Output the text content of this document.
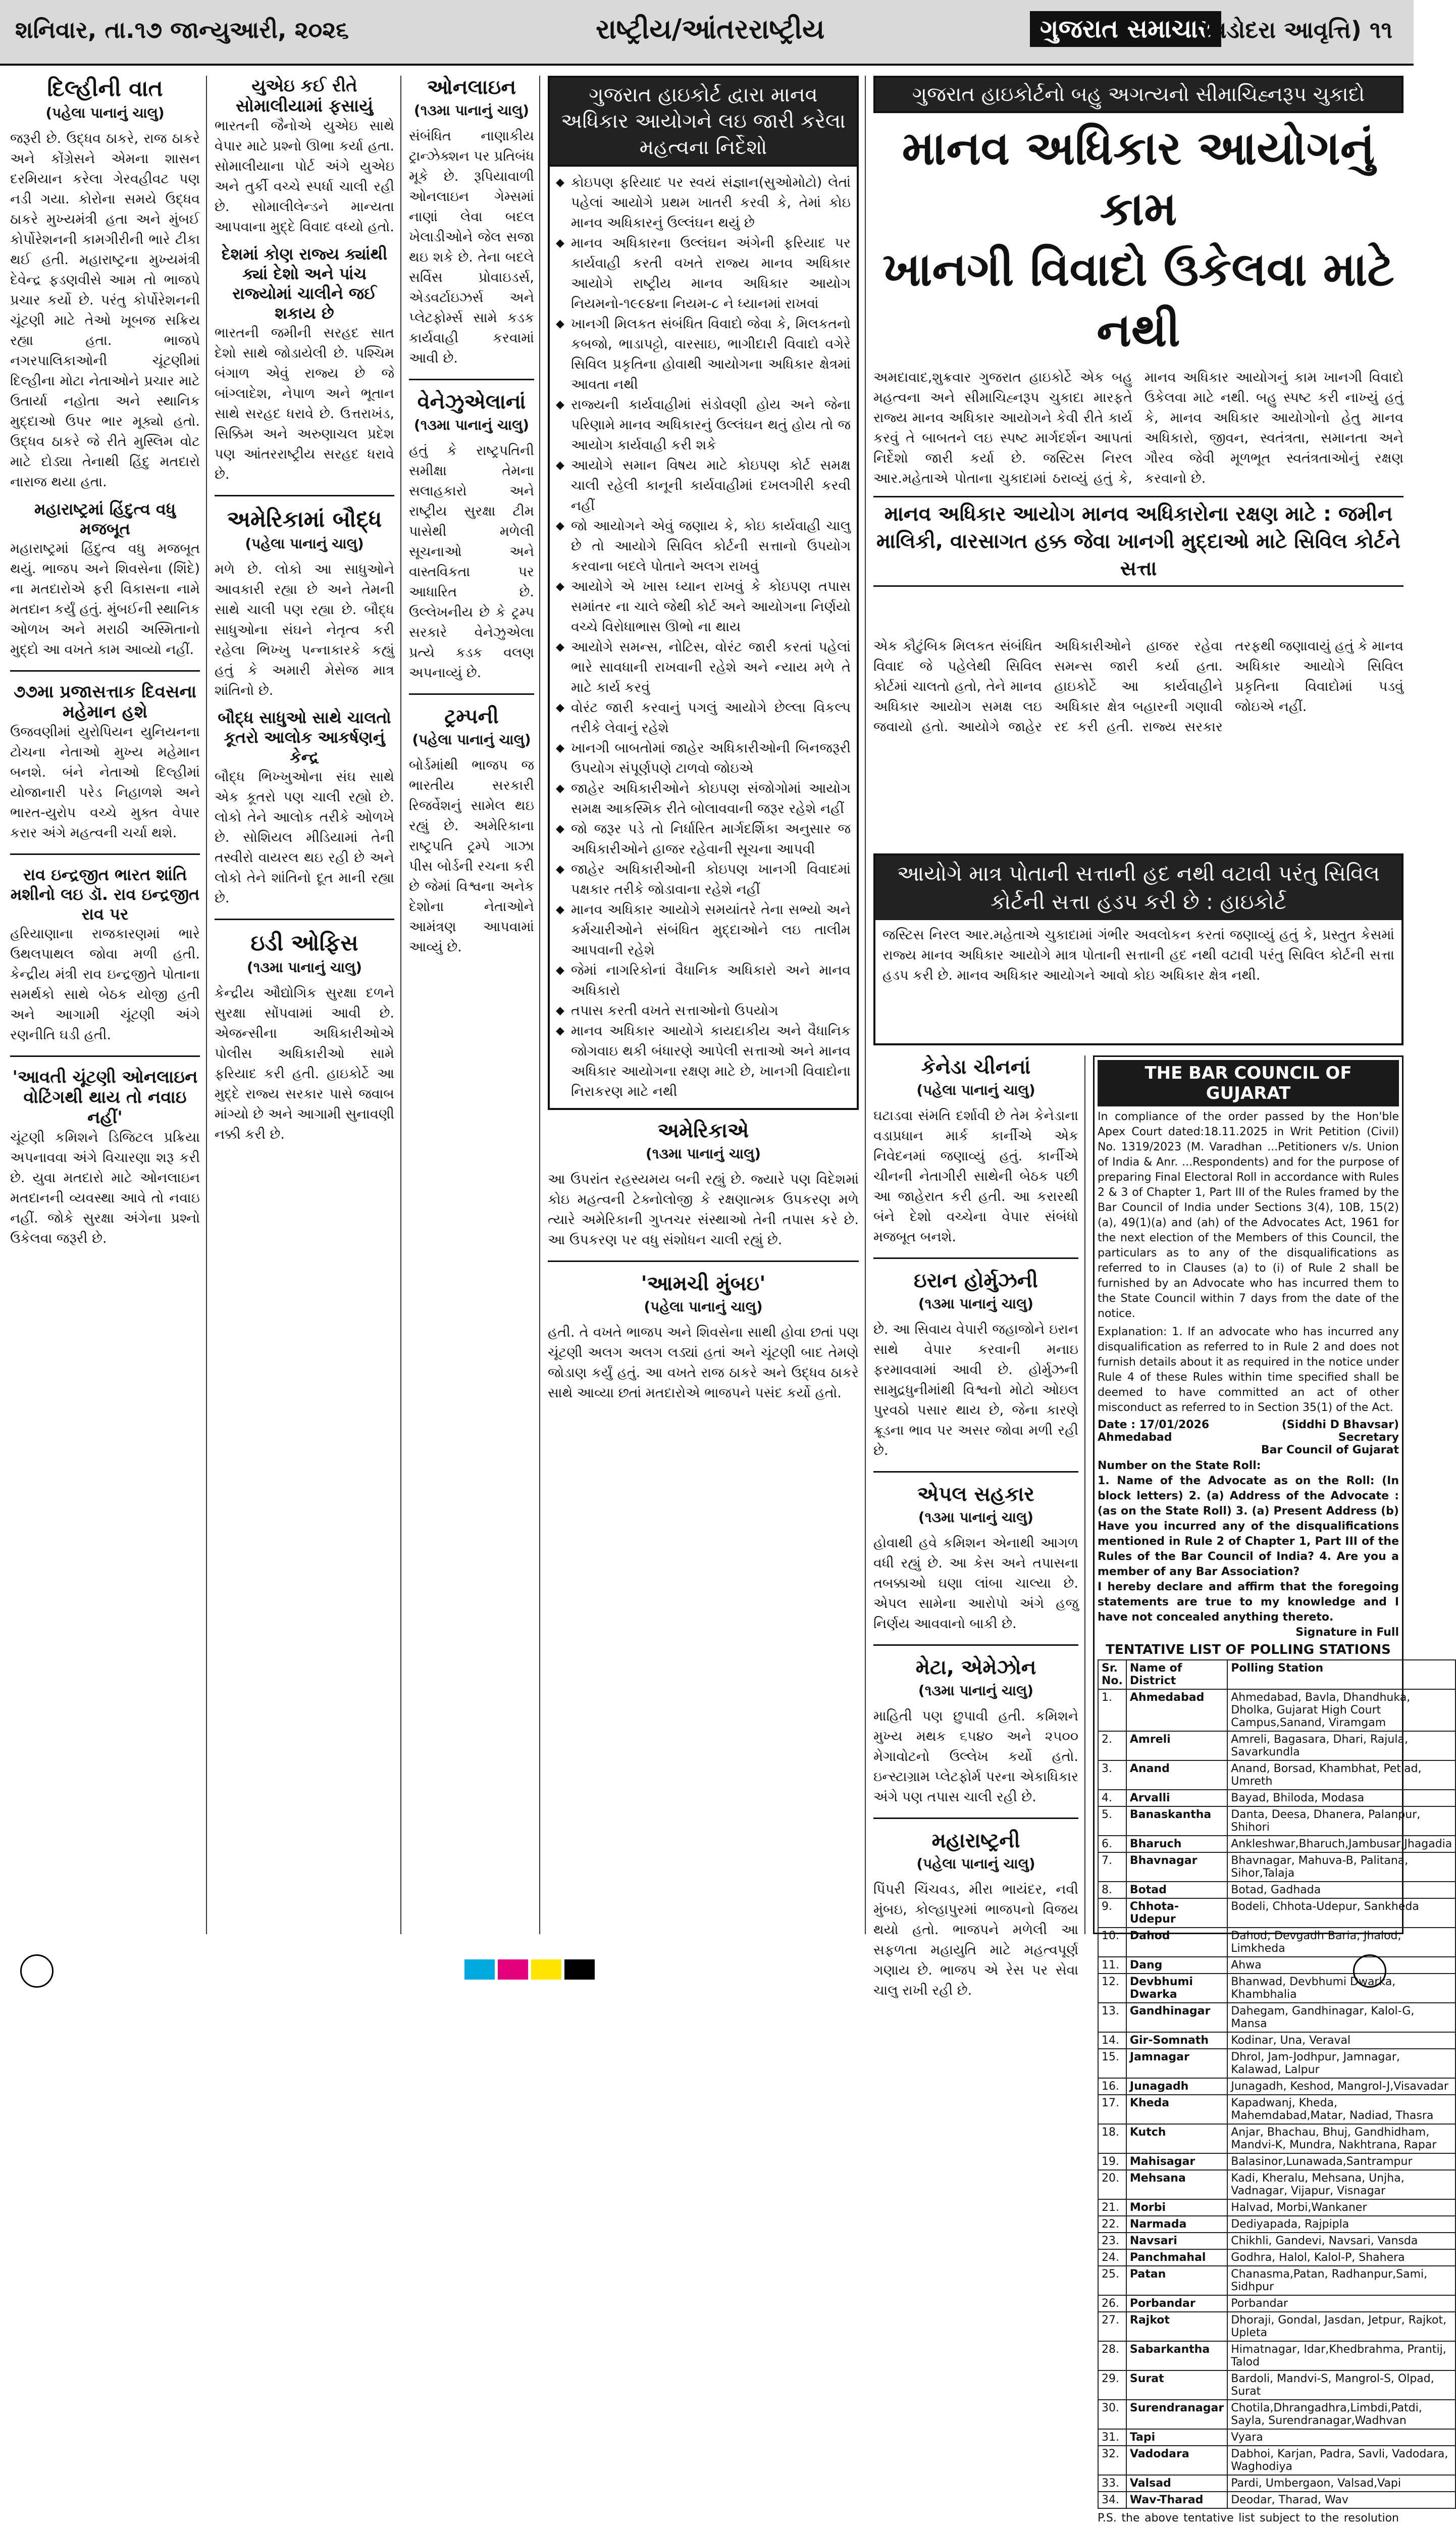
શનિવાર, તા.૧૭ જાન્યુઆરી, ૨૦૨૬	રાષ્ટ્રીય/આંતરરાષ્ટ્રીય	ગુજરાત સમાચાર
(વડોદરા આવૃત્તિ) ૧૧
દિલ્હીની વાત
(પહેલા પાનાનું ચાલુ)
જરૂરી છે. ઉદ્ધવ ઠાકરે, રાજ ઠાકરે અને કોંગ્રેસને એમના શાસન દરમિયાન કરેલા ગેરવહીવટ પણ નડી ગયા. કોરોના સમયે ઉદ્ધવ ઠાકરે મુખ્યમંત્રી હતા અને મુંબઈ કોર્પોરેશનની કામગીરીની ભારે ટીકા થઈ હતી. મહારાષ્ટ્રના મુખ્યમંત્રી દેવેન્દ્ર ફડણવીસે આમ તો ભાજપે પ્રચાર કર્યો છે. પરંતુ કોર્પોરેશનની ચૂંટણી માટે તેઓ ખૂબજ સક્રિય રહ્યા હતા. ભાજપે નગરપાલિકાઓની ચૂંટણીમાં દિલ્હીના મોટા નેતાઓને પ્રચાર માટે ઉતાર્યા નહોતા અને સ્થાનિક મુદ્દાઓ ઉપર ભાર મૂક્યો હતો. ઉદ્ધવ ઠાકરે જે રીતે મુસ્લિમ વોટ માટે દોડ્યા તેનાથી હિંદુ મતદારો નારાજ થયા હતા.
મહારાષ્ટ્રમાં હિંદુત્વ વધુ મજબૂત
મહારાષ્ટ્રમાં હિંદુત્વ વધુ મજબૂત થયું. ભાજપ અને શિવસેના (શિંદે) ના મતદારોએ ફરી વિકાસના નામે મતદાન કર્યું હતું. મુંબઈની સ્થાનિક ઓળખ અને મરાઠી અસ્મિતાનો મુદ્દો આ વખતે કામ આવ્યો નહીં.
૭૭મા પ્રજાસત્તાક દિવસના મહેમાન હશે
ઉજવણીમાં યુરોપિયન યુનિયનના ટોચના નેતાઓ મુખ્ય મહેમાન બનશે. બંને નેતાઓ દિલ્હીમાં યોજાનારી પરેડ નિહાળશે અને ભારત-યુરોપ વચ્ચે મુક્ત વેપાર કરાર અંગે મહત્વની ચર્ચા થશે.
રાવ ઇન્દ્રજીત ભારત શાંતિ મશીનો લઇ ડૉ. રાવ ઇન્દ્રજીત રાવ પર
હરિયાણાના રાજકારણમાં ભારે ઉથલપાથલ જોવા મળી હતી. કેન્દ્રીય મંત્રી રાવ ઇન્દ્રજીતે પોતાના સમર્થકો સાથે બેઠક યોજી હતી અને આગામી ચૂંટણી અંગે રણનીતિ ઘડી હતી.
'આવતી ચૂંટણી ઓનલાઇન વોટિંગથી થાય તો નવાઇ નહીં'
ચૂંટણી કમિશને ડિજિટલ પ્રક્રિયા અપનાવવા અંગે વિચારણા શરૂ કરી છે. યુવા મતદારો માટે ઓનલાઇન મતદાનની વ્યવસ્થા આવે તો નવાઇ નહીં. જોકે સુરક્ષા અંગેના પ્રશ્નો ઉકેલવા જરૂરી છે.
યુએઇ કઈ રીતે સોમાલીયામાં ફસાયું
ભારતની જૈનોએ યુએઇ સાથે વેપાર માટે પ્રશ્નો ઊભા કર્યા હતા. સોમાલીયાના પોર્ટ અંગે યુએઇ અને તુર્કી વચ્ચે સ્પર્ધા ચાલી રહી છે. સોમાલીલેન્ડને માન્યતા આપવાના મુદ્દે વિવાદ વધ્યો હતો.
દેશમાં કોણ રાજ્ય ક્યાંથી ક્યાં દેશો અને પાંચ રાજ્યોમાં ચાલીને જઈ શકાય છે
ભારતની જમીની સરહદ સાત દેશો સાથે જોડાયેલી છે. પશ્ચિમ બંગાળ એવું રાજ્ય છે જે બાંગ્લાદેશ, નેપાળ અને ભૂતાન સાથે સરહદ ધરાવે છે. ઉત્તરાખંડ, સિક્કિમ અને અરુણાચલ પ્રદેશ પણ આંતરરાષ્ટ્રીય સરહદ ધરાવે છે.
અમેરિકામાં બૌદ્ધ
(પહેલા પાનાનું ચાલુ)
મળે છે. લોકો આ સાધુઓને આવકારી રહ્યા છે અને તેમની સાથે ચાલી પણ રહ્યા છે. બૌદ્ધ સાધુઓના સંઘને નેતૃત્વ કરી રહેલા ભિખ્ખુ પન્નાકારકે કહ્યું હતું કે અમારી મેસેજ માત્ર શાંતિનો છે.
બૌદ્ધ સાધુઓ સાથે ચાલતો કૂતરો આલોક આકર્ષણનું કેન્દ્ર
બૌદ્ધ ભિખ્ખુઓના સંઘ સાથે એક કૂતરો પણ ચાલી રહ્યો છે. લોકો તેને આલોક તરીકે ઓળખે છે. સોશિયલ મીડિયામાં તેની તસ્વીરો વાયરલ થઇ રહી છે અને લોકો તેને શાંતિનો દૂત માની રહ્યા છે.
ઇડી ઓફિસ
(૧૩મા પાનાનું ચાલુ)
કેન્દ્રીય ઔદ્યોગિક સુરક્ષા દળને સુરક્ષા સોંપવામાં આવી છે. એજન્સીના અધિકારીઓએ પોલીસ અધિકારીઓ સામે ફરિયાદ કરી હતી. હાઇકોર્ટે આ મુદ્દે રાજ્ય સરકાર પાસે જવાબ માંગ્યો છે અને આગામી સુનાવણી નક્કી કરી છે.
ઓનલાઇન
(૧૩મા પાનાનું ચાલુ)
સંબંધિત નાણાકીય ટ્રાન્ઝેક્શન પર પ્રતિબંધ મૂકે છે. રૂપિયાવાળી ઓનલાઇન ગેમ્સમાં નાણાં લેવા બદલ ખેલાડીઓને જેલ સજા થઇ શકે છે. તેના બદલે સર્વિસ પ્રોવાઇડર્સ, એડવર્ટાઇઝર્સ અને પ્લેટફોર્મ્સ સામે કડક કાર્યવાહી કરવામાં આવી છે.
વેનેઝુએલાનાં
(૧૩મા પાનાનું ચાલુ)
હતું કે રાષ્ટ્રપતિની સમીક્ષા તેમના સલાહકારો અને રાષ્ટ્રીય સુરક્ષા ટીમ પાસેથી મળેલી સૂચનાઓ અને વાસ્તવિકતા પર આધારિત છે. ઉલ્લેખનીય છે કે ટ્રમ્પ સરકારે વેનેઝુએલા પ્રત્યે કડક વલણ અપનાવ્યું છે.
ટ્રમ્પની
(પહેલા પાનાનું ચાલુ)
બોર્ડમાંથી ભાજપ જ ભારતીય સરકારી રિજર્વેશનું સામેલ થઇ રહ્યું છે. અમેરિકાના રાષ્ટ્રપતિ ટ્રમ્પે ગાઝા પીસ બોર્ડની રચના કરી છે જેમાં વિશ્વના અનેક દેશોના નેતાઓને આમંત્રણ આપવામાં આવ્યું છે.
ગુજરાત હાઇકોર્ટ દ્વારા માનવ અધિકાર આયોગને લઇ જારી કરેલા મહત્વના નિર્દેશો
◆ કોઇપણ ફરિયાદ પર સ્વયં સંજ્ઞાન(સુઓમોટો) લેતાં પહેલાં આયોગે પ્રથમ ખાતરી કરવી કે, તેમાં કોઇ માનવ અધિકારનું ઉલ્લંઘન થયું છે
◆ માનવ અધિકારના ઉલ્લંઘન અંગેની ફરિયાદ પર કાર્યવાહી કરતી વખતે રાજ્ય માનવ અધિકાર આયોગે રાષ્ટ્રીય માનવ અધિકાર આયોગ નિયમનો-૧૯૯૪ના નિયમ-૮ ને ધ્યાનમાં રાખવાં
◆ ખાનગી મિલકત સંબંધિત વિવાદો જેવા કે, મિલકતનો કબજો, ભાડાપટ્ટો, વારસાઇ, ભાગીદારી વિવાદો વગેરે સિવિલ પ્રકૃતિના હોવાથી આયોગના અધિકાર ક્ષેત્રમાં આવતા નથી
◆ રાજ્યની કાર્યવાહીમાં સંડોવણી હોય અને જેના પરિણામે માનવ અધિકારનું ઉલ્લંઘન થતું હોય તો જ આયોગ કાર્યવાહી કરી શકે
◆ આયોગે સમાન વિષય માટે કોઇપણ કોર્ટ સમક્ષ ચાલી રહેલી કાનૂની કાર્યવાહીમાં દખલગીરી કરવી નહીં
◆ જો આયોગને એવું જણાય કે, કોઇ કાર્યવાહી ચાલુ છે તો આયોગે સિવિલ કોર્ટની સત્તાનો ઉપયોગ કરવાના બદલે પોતાને અલગ રાખવું
◆ આયોગે એ ખાસ ધ્યાન રાખવું કે કોઇપણ તપાસ સમાંતર ના ચાલે જેથી કોર્ટ અને આયોગના નિર્ણયો વચ્ચે વિરોધાભાસ ઊભો ના થાય
◆ આયોગે સમન્સ, નોટિસ, વોરંટ જારી કરતાં પહેલાં ભારે સાવધાની રાખવાની રહેશે અને ન્યાય મળે તે માટે કાર્ય કરવું
◆ વોરંટ જારી કરવાનું પગલું આયોગે છેલ્લા વિકલ્પ તરીકે લેવાનું રહેશે
◆ ખાનગી બાબતોમાં જાહેર અધિકારીઓની બિનજરૂરી ઉપયોગ સંપૂર્ણપણે ટાળવો જોઇએ
◆ જાહેર અધિકારીઓને કોઇપણ સંજોગોમાં આયોગ સમક્ષ આકસ્મિક રીતે બોલાવવાની જરૂર રહેશે નહીં
◆ જો જરૂર પડે તો નિર્ધારિત માર્ગદર્શિકા અનુસાર જ અધિકારીઓને હાજર રહેવાની સૂચના આપવી
◆ જાહેર અધિકારીઓની કોઇપણ ખાનગી વિવાદમાં પક્ષકાર તરીકે જોડાવાના રહેશે નહીં
◆ માનવ અધિકાર આયોગે સમયાંતરે તેના સભ્યો અને કર્મચારીઓને સંબંધિત મુદ્દાઓને લઇ તાલીમ આપવાની રહેશે
◆ જેમાં નાગરિકોનાં વૈધાનિક અધિકારો અને માનવ અધિકારો
◆ તપાસ કરતી વખતે સત્તાઓનો ઉપયોગ
◆ માનવ અધિકાર આયોગે કાયદાકીય અને વૈધાનિક જોગવાઇ થકી બંધારણે આપેલી સત્તાઓ અને માનવ અધિકાર આયોગના રક્ષણ માટે છે, ખાનગી વિવાદોના નિરાકરણ માટે નથી
અમેરિકાએ
(૧૩મા પાનાનું ચાલુ)
આ ઉપરાંત રહસ્યમય બની રહ્યું છે. જ્યારે પણ વિદેશમાં કોઇ મહત્વની ટેક્નોલોજી કે રક્ષણાત્મક ઉપકરણ મળે ત્યારે અમેરિકાની ગુપ્તચર સંસ્થાઓ તેની તપાસ કરે છે. આ ઉપકરણ પર વધુ સંશોધન ચાલી રહ્યું છે.
'આમચી મુંબઇ'
(પહેલા પાનાનું ચાલુ)
હતી. તે વખતે ભાજપ અને શિવસેના સાથી હોવા છતાં પણ ચૂંટણી અલગ અલગ લડ્યાં હતાં અને ચૂંટણી બાદ તેમણે જોડાણ કર્યું હતું. આ વખતે રાજ ઠાકરે અને ઉદ્ધવ ઠાકરે સાથે આવ્યા છતાં મતદારોએ ભાજપને પસંદ કર્યો હતો.
ગુજરાત હાઇકોર્ટનો બહુ અગત્યનો સીમાચિહ્નરૂપ ચુકાદો
માનવ અધિકાર આયોગનું કામ
ખાનગી વિવાદો ઉકેલવા માટે નથી
અમદાવાદ,શુક્રવાર ગુજરાત હાઇકોર્ટે એક બહુ મહત્વના અને સીમાચિહ્નરૂપ ચુકાદા મારફતે રાજ્ય માનવ અધિકાર આયોગને કેવી રીતે કાર્ય કરવું તે બાબતને લઇ સ્પષ્ટ માર્ગદર્શન આપતાં નિર્દેશો જારી કર્યા છે. જસ્ટિસ નિરલ આર.મહેતાએ પોતાના ચુકાદામાં ઠરાવ્યું હતું કે, માનવ અધિકાર આયોગનું કામ ખાનગી વિવાદો ઉકેલવા માટે નથી. બહુ સ્પષ્ટ કરી નાખ્યું હતું કે, માનવ અધિકાર આયોગોનો હેતુ માનવ અધિકારો, જીવન, સ્વતંત્રતા, સમાનતા અને ગૌરવ જેવી મૂળભૂત સ્વતંત્રતાઓનું રક્ષણ કરવાનો છે.
માનવ અધિકાર આયોગ માનવ અધિકારોના રક્ષણ માટે : જમીન માલિકી, વારસાગત હક્ક જેવા ખાનગી મુદ્દાઓ માટે સિવિલ કોર્ટને સત્તા
એક કૌટુંબિક મિલકત સંબંધિત વિવાદ જે પહેલેથી સિવિલ કોર્ટમાં ચાલતો હતો, તેને માનવ અધિકાર આયોગ સમક્ષ લઇ જવાયો હતો. આયોગે જાહેર અધિકારીઓને હાજર રહેવા સમન્સ જારી કર્યા હતા. હાઇકોર્ટે આ કાર્યવાહીને અધિકાર ક્ષેત્ર બહારની ગણાવી રદ કરી હતી. રાજ્ય સરકાર તરફથી જણાવાયું હતું કે માનવ અધિકાર આયોગે સિવિલ પ્રકૃતિના વિવાદોમાં પડવું જોઇએ નહીં.
આયોગે માત્ર પોતાની સત્તાની હદ નથી વટાવી પરંતુ સિવિલ કોર્ટની સત્તા હડપ કરી છે : હાઇકોર્ટ
જસ્ટિસ નિરલ આર.મહેતાએ ચુકાદામાં ગંભીર અવલોકન કરતાં જણાવ્યું હતું કે, પ્રસ્તુત કેસમાં રાજ્ય માનવ અધિકાર આયોગે માત્ર પોતાની સત્તાની હદ નથી વટાવી પરંતુ સિવિલ કોર્ટની સત્તા હડપ કરી છે. માનવ અધિકાર આયોગને આવો કોઇ અધિકાર ક્ષેત્ર નથી.
કેનેડા ચીનનાં
(પહેલા પાનાનું ચાલુ)
ઘટાડવા સંમતિ દર્શાવી છે તેમ કેનેડાના વડાપ્રધાન માર્ક કાર્નીએ એક નિવેદનમાં જણાવ્યું હતું. કાર્નીએ ચીનની નેતાગીરી સાથેની બેઠક પછી આ જાહેરાત કરી હતી. આ કરારથી બંને દેશો વચ્ચેના વેપાર સંબંધો મજબૂત બનશે.
ઇરાન હોર્મુઝની
(૧૩મા પાનાનું ચાલુ)
છે. આ સિવાય વેપારી જહાજોને ઇરાન સાથે વેપાર કરવાની મનાઇ ફરમાવવામાં આવી છે. હોર્મુઝની સામુદ્રધુનીમાંથી વિશ્વનો મોટો ઓઇલ પુરવઠો પસાર થાય છે, જેના કારણે ક્રૂડના ભાવ પર અસર જોવા મળી રહી છે.
એપલ સહકાર
(૧૩મા પાનાનું ચાલુ)
હોવાથી હવે કમિશન એનાથી આગળ વધી રહ્યું છે. આ કેસ અને તપાસના તબક્કાઓ ઘણા લાંબા ચાલ્યા છે. એપલ સામેના આરોપો અંગે હજુ નિર્ણય આવવાનો બાકી છે.
મેટા, એમેઝોન
(૧૩મા પાનાનું ચાલુ)
માહિતી પણ છુપાવી હતી. કમિશને મુખ્ય મથક ૬૫૪૦ અને ૨૫૦૦ મેગાવોટનો ઉલ્લેખ કર્યો હતો. ઇન્સ્ટાગ્રામ પ્લેટફોર્મ પરના એકાધિકાર અંગે પણ તપાસ ચાલી રહી છે.
મહારાષ્ટ્રની
(પહેલા પાનાનું ચાલુ)
પિંપરી ચિંચવડ, મીરા ભાયંદર, નવી મુંબઇ, કોલ્હાપુરમાં ભાજપનો વિજય થયો હતો. ભાજપને મળેલી આ સફળતા મહાયુતિ માટે મહત્વપૂર્ણ ગણાય છે. ભાજપ એ રેસ પર સેવા ચાલુ રાખી રહી છે.
THE BAR COUNCIL OF GUJARAT
In compliance of the order passed by the Hon'ble Apex Court dated:18.11.2025 in Writ Petition (Civil) No. 1319/2023 (M. Varadhan ...Petitioners v/s. Union of India & Anr. ...Respondents) and for the purpose of preparing Final Electoral Roll in accordance with Rules 2 & 3 of Chapter 1, Part III of the Rules framed by the Bar Council of India under Sections 3(4), 10B, 15(2)(a), 49(1)(a) and (ah) of the Advocates Act, 1961 for the next election of the Members of this Council, the particulars as to any of the disqualifications as referred to in Clauses (a) to (i) of Rule 2 shall be furnished by an Advocate who has incurred them to the State Council within 7 days from the date of the notice.
Explanation: 1. If an advocate who has incurred any disqualification as referred to in Rule 2 and does not furnish details about it as required in the notice under Rule 4 of these Rules within time specified shall be deemed to have committed an act of other misconduct as referred to in Section 35(1) of the Act.
Date : 17/01/2026
Ahmedabad
(Siddhi D Bhavsar)
Secretary
Bar Council of Gujarat
Number on the State Roll:
1. Name of the Advocate as on the Roll: (In block letters) 2. (a) Address of the Advocate : (as on the State Roll) 3. (a) Present Address (b) Have you incurred any of the disqualifications mentioned in Rule 2 of Chapter 1, Part III of the Rules of the Bar Council of India? 4. Are you a member of any Bar Association?
I hereby declare and affirm that the foregoing statements are true to my knowledge and I have not concealed anything thereto.
Signature in Full
TENTATIVE LIST OF POLLING STATIONS
Sr. No.	Name of District	Polling Station
1.	Ahmedabad	Ahmedabad, Bavla, Dhandhuka, Dholka, Gujarat High Court Campus,Sanand, Viramgam
2.	Amreli	Amreli, Bagasara, Dhari, Rajula, Savarkundla
3.	Anand	Anand, Borsad, Khambhat, Petlad, Umreth
4.	Arvalli	Bayad, Bhiloda, Modasa
5.	Banaskantha	Danta, Deesa, Dhanera, Palanpur, Shihori
6.	Bharuch	Ankleshwar,Bharuch,Jambusar,Jhagadia
7.	Bhavnagar	Bhavnagar, Mahuva-B, Palitana, Sihor,Talaja
8.	Botad	Botad, Gadhada
9.	Chhota-Udepur	Bodeli, Chhota-Udepur, Sankheda
10.	Dahod	Dahod, Devgadh Baria, Jhalod, Limkheda
11.	Dang	Ahwa
12.	Devbhumi Dwarka	Bhanwad, Devbhumi Dwarka, Khambhalia
13.	Gandhinagar	Dahegam, Gandhinagar, Kalol-G, Mansa
14.	Gir-Somnath	Kodinar, Una, Veraval
15.	Jamnagar	Dhrol, Jam-Jodhpur, Jamnagar, Kalawad, Lalpur
16.	Junagadh	Junagadh, Keshod, Mangrol-J,Visavadar
17.	Kheda	Kapadwanj, Kheda, Mahemdabad,Matar, Nadiad, Thasra
18.	Kutch	Anjar, Bhachau, Bhuj, Gandhidham, Mandvi-K, Mundra, Nakhtrana, Rapar
19.	Mahisagar	Balasinor,Lunawada,Santrampur
20.	Mehsana	Kadi, Kheralu, Mehsana, Unjha, Vadnagar, Vijapur, Visnagar
21.	Morbi	Halvad, Morbi,Wankaner
22.	Narmada	Dediyapada, Rajpipla
23.	Navsari	Chikhli, Gandevi, Navsari, Vansda
24.	Panchmahal	Godhra, Halol, Kalol-P, Shahera
25.	Patan	Chanasma,Patan, Radhanpur,Sami, Sidhpur
26.	Porbandar	Porbandar
27.	Rajkot	Dhoraji, Gondal, Jasdan, Jetpur, Rajkot, Upleta
28.	Sabarkantha	Himatnagar, Idar,Khedbrahma, Prantij, Talod
29.	Surat	Bardoli, Mandvi-S, Mangrol-S, Olpad, Surat
30.	Surendranagar	Chotila,Dhrangadhra,Limbdi,Patdi, Sayla, Surendranagar,Wadhvan
31.	Tapi	Vyara
32.	Vadodara	Dabhoi, Karjan, Padra, Savli, Vadodara, Waghodiya
33.	Valsad	Pardi, Umbergaon, Valsad,Vapi
34.	Wav-Tharad	Deodar, Tharad, Wav
P.S. the above tentative list subject to the resolution
